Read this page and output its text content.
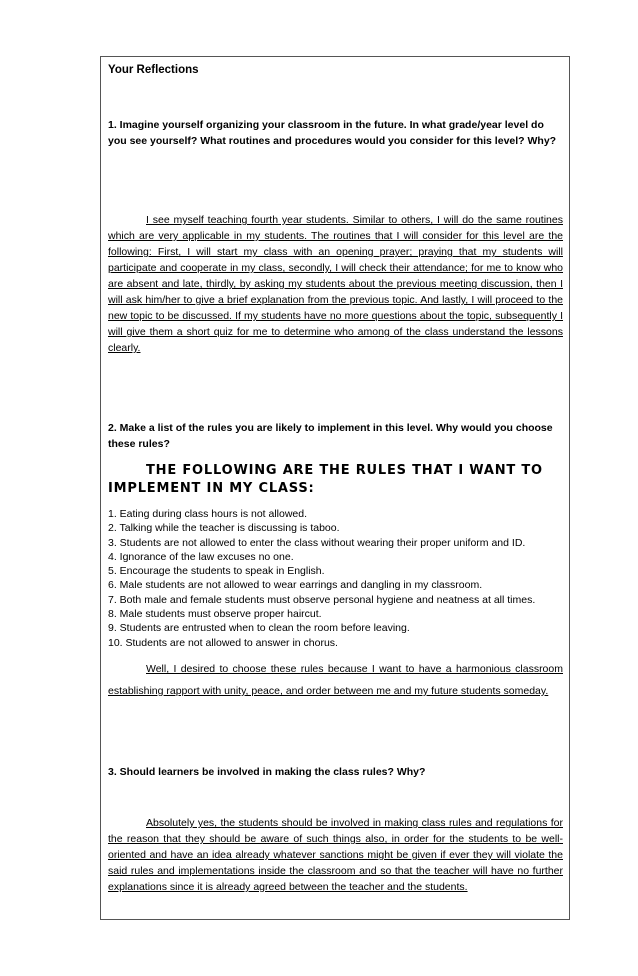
Your Reflections
1. Imagine yourself organizing your classroom in the future. In what grade/year level do you see yourself? What routines and procedures would you consider for this level? Why?
I see myself teaching fourth year students. Similar to others, I will do the same routines which are very applicable in my students. The routines that I will consider for this level are the following: First, I will start my class with an opening prayer; praying that my students will participate and cooperate in my class, secondly, I will check their attendance; for me to know who are absent and late, thirdly, by asking my students about the previous meeting discussion, then I will ask him/her to give a brief explanation from the previous topic. And lastly, I will proceed to the new topic to be discussed. If my students have no more questions about the topic, subsequently I will give them a short quiz for me to determine who among of the class understand the lessons clearly.
2. Make a list of the rules you are likely to implement in this level. Why would you choose these rules?
THE FOLLOWING ARE THE RULES THAT I WANT TO IMPLEMENT IN MY CLASS:
1. Eating during class hours is not allowed.
2. Talking while the teacher is discussing is taboo.
3. Students are not allowed to enter the class without wearing their proper uniform and ID.
4. Ignorance of the law excuses no one.
5. Encourage the students to speak in English.
6. Male students are not allowed to wear earrings and dangling in my classroom.
7. Both male and female students must observe personal hygiene and neatness at all times.
8. Male students must observe proper haircut.
9. Students are entrusted when to clean the room before leaving.
10. Students are not allowed to answer in chorus.
Well, I desired to choose these rules because I want to have a harmonious classroom
establishing rapport with unity, peace, and order between me and my future students someday.
3. Should learners be involved in making the class rules? Why?
Absolutely yes, the students should be involved in making class rules and regulations for the reason that they should be aware of such things also, in order for the students to be well-oriented and have an idea already whatever sanctions might be given if ever they will violate the said rules and implementations inside the classroom and so that the teacher will have no further explanations since it is already agreed between the teacher and the students.
